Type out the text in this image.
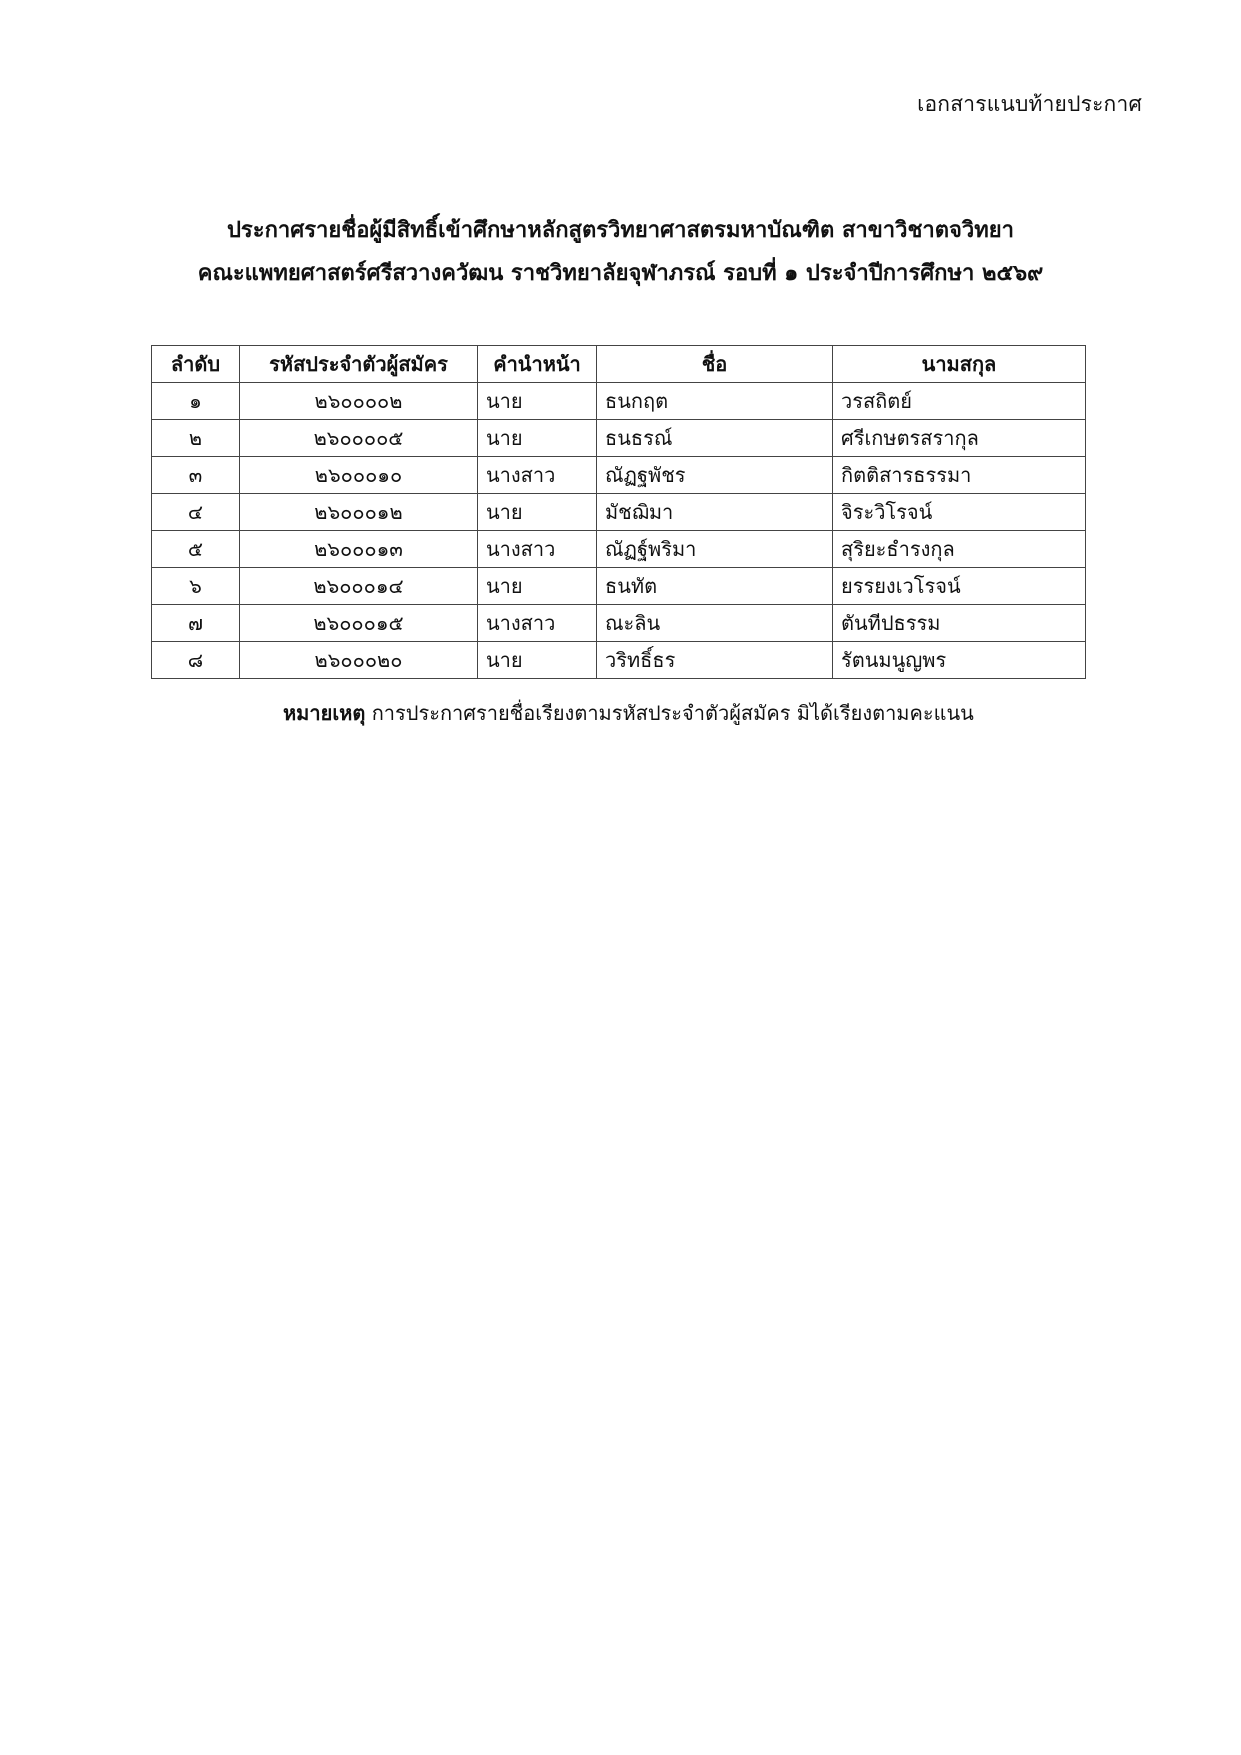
เอกสารแนบท้ายประกาศ
ประกาศรายชื่อผู้มีสิทธิ์เข้าศึกษาหลักสูตรวิทยาศาสตรมหาบัณฑิต สาขาวิชาตจวิทยา
คณะแพทยศาสตร์ศรีสวางควัฒน ราชวิทยาลัยจุฬาภรณ์ รอบที่ ๑ ประจำปีการศึกษา ๒๕๖๙
ลำดับ	รหัสประจำตัวผู้สมัคร	คำนำหน้า	ชื่อ	นามสกุล
๑	๒๖๐๐๐๐๒	นาย	ธนกฤต	วรสถิตย์
๒	๒๖๐๐๐๐๕	นาย	ธนธรณ์	ศรีเกษตรสรากุล
๓	๒๖๐๐๐๑๐	นางสาว	ณัฏฐพัชร	กิตติสารธรรมา
๔	๒๖๐๐๐๑๒	นาย	มัชฌิมา	จิระวิโรจน์
๕	๒๖๐๐๐๑๓	นางสาว	ณัฏฐ์พริมา	สุริยะธำรงกุล
๖	๒๖๐๐๐๑๔	นาย	ธนทัต	ยรรยงเวโรจน์
๗	๒๖๐๐๐๑๕	นางสาว	ณะลิน	ตันทีปธรรม
๘	๒๖๐๐๐๒๐	นาย	วริทธิ์ธร	รัตนมนูญพร
หมายเหตุ การประกาศรายชื่อเรียงตามรหัสประจำตัวผู้สมัคร มิได้เรียงตามคะแนน
